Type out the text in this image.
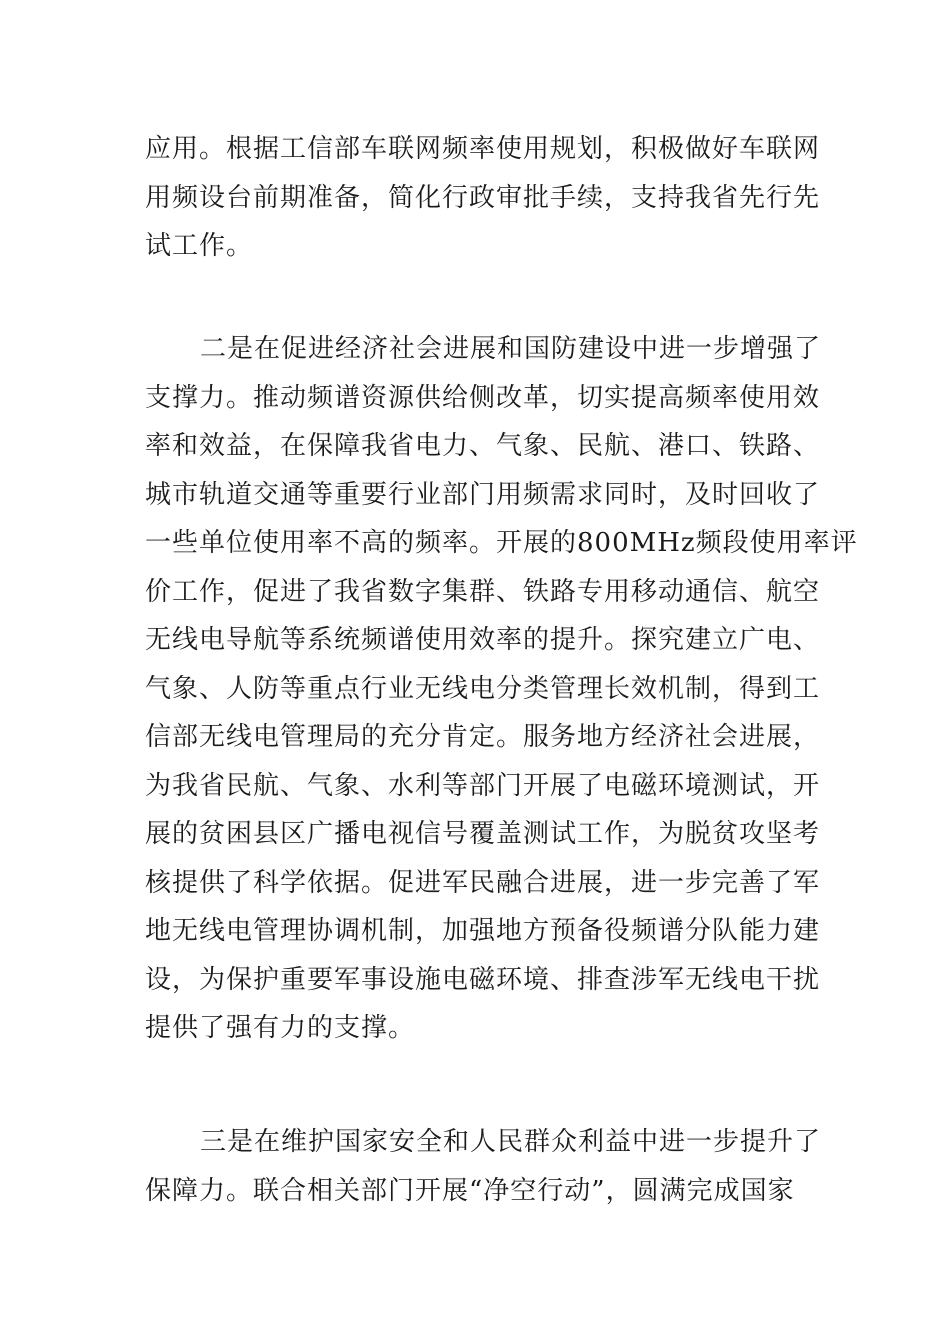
应用。根据工信部车联网频率使用规划，积极做好车联网
用频设台前期准备，简化行政审批手续，支持我省先行先
试工作。
二是在促进经济社会进展和国防建设中进一步增强了
支撑力。推动频谱资源供给侧改革，切实提高频率使用效
率和效益，在保障我省电力、气象、民航、港口、铁路、
城市轨道交通等重要行业部门用频需求同时，及时回收了
一些单位使用率不高的频率。开展的800MHz频段使用率评
价工作，促进了我省数字集群、铁路专用移动通信、航空
无线电导航等系统频谱使用效率的提升。探究建立广电、
气象、人防等重点行业无线电分类管理长效机制，得到工
信部无线电管理局的充分肯定。服务地方经济社会进展，
为我省民航、气象、水利等部门开展了电磁环境测试，开
展的贫困县区广播电视信号覆盖测试工作，为脱贫攻坚考
核提供了科学依据。促进军民融合进展，进一步完善了军
地无线电管理协调机制，加强地方预备役频谱分队能力建
设，为保护重要军事设施电磁环境、排查涉军无线电干扰
提供了强有力的支撑。
三是在维护国家安全和人民群众利益中进一步提升了
保障力。联合相关部门开展“净空行动”，圆满完成国家
